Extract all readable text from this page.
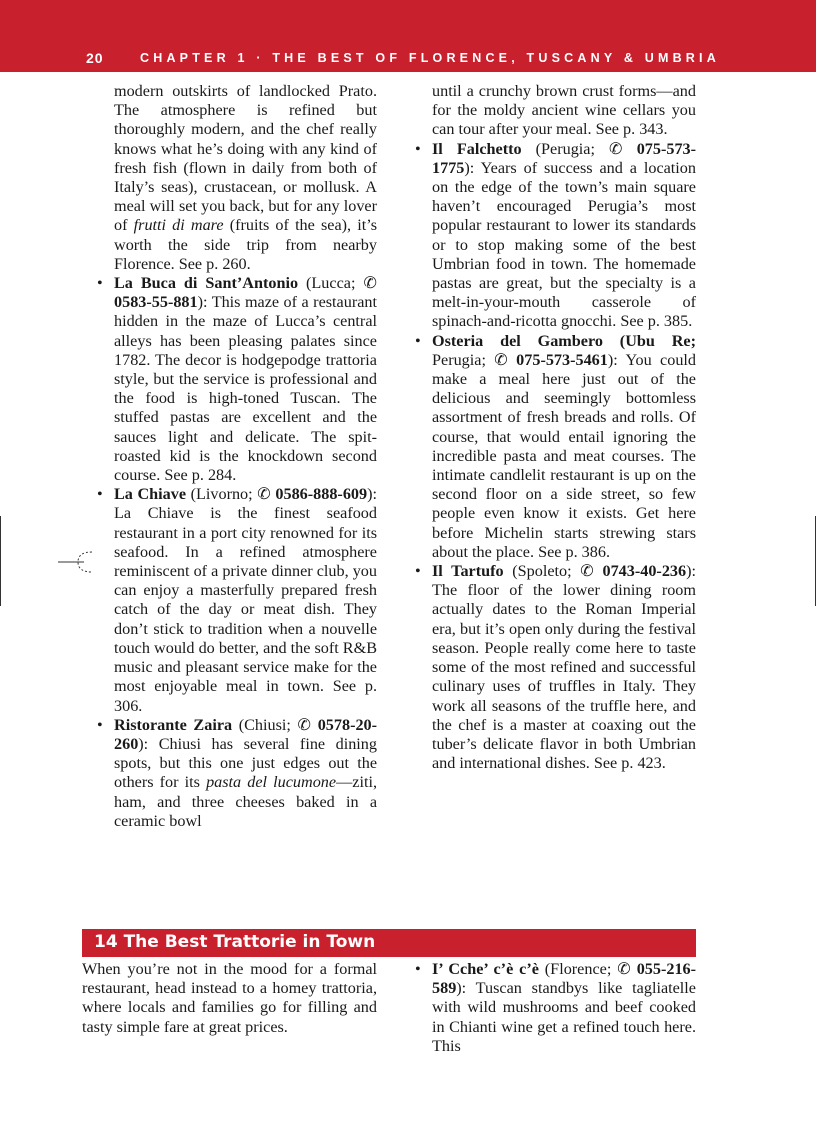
20	CHAPTER 1 · THE BEST OF FLORENCE, TUSCANY & UMBRIA

modern outskirts of landlocked Prato. The atmosphere is refined but thoroughly modern, and the chef really knows what he’s doing with any kind of fresh fish (flown in daily from both of Italy’s seas), crustacean, or mollusk. A meal will set you back, but for any lover of frutti di mare (fruits of the sea), it’s worth the side trip from nearby Florence. See p. 260.

• La Buca di Sant’Antonio (Lucca; ✆ 0583-55-881): This maze of a restaurant hidden in the maze of Lucca’s central alleys has been pleasing palates since 1782. The decor is hodgepodge trattoria style, but the service is professional and the food is high-toned Tuscan. The stuffed pastas are excellent and the sauces light and delicate. The spit-roasted kid is the knockdown second course. See p. 284.
• La Chiave (Livorno; ✆ 0586-888-609): La Chiave is the finest seafood restaurant in a port city renowned for its seafood. In a refined atmosphere reminiscent of a private dinner club, you can enjoy a masterfully prepared fresh catch of the day or meat dish. They don’t stick to tradition when a nouvelle touch would do better, and the soft R&B music and pleasant service make for the most enjoyable meal in town. See p. 306.
• Ristorante Zaira (Chiusi; ✆ 0578-20-260): Chiusi has several fine dining spots, but this one just edges out the others for its pasta del lucumone—ziti, ham, and three cheeses baked in a ceramic bowl

until a crunchy brown crust forms—and for the moldy ancient wine cellars you can tour after your meal. See p. 343.

• Il Falchetto (Perugia; ✆ 075-573-1775): Years of success and a location on the edge of the town’s main square haven’t encouraged Perugia’s most popular restaurant to lower its standards or to stop making some of the best Umbrian food in town. The homemade pastas are great, but the specialty is a melt-in-your-mouth casserole of spinach-and-ricotta gnocchi. See p. 385.
• Osteria del Gambero (Ubu Re; Perugia; ✆ 075-573-5461): You could make a meal here just out of the delicious and seemingly bottomless assortment of fresh breads and rolls. Of course, that would entail ignoring the incredible pasta and meat courses. The intimate candlelit restaurant is up on the second floor on a side street, so few people even know it exists. Get here before Michelin starts strewing stars about the place. See p. 386.
• Il Tartufo (Spoleto; ✆ 0743-40-236): The floor of the lower dining room actually dates to the Roman Imperial era, but it’s open only during the festival season. People really come here to taste some of the most refined and successful culinary uses of truffles in Italy. They work all seasons of the truffle here, and the chef is a master at coaxing out the tuber’s delicate flavor in both Umbrian and international dishes. See p. 423.
14 The Best Trattorie in Town

When you’re not in the mood for a formal restaurant, head instead to a homey trattoria, where locals and families go for filling and tasty simple fare at great prices.

• I’ Cche’ c’è c’è (Florence; ✆ 055-216-589): Tuscan standbys like tagliatelle with wild mushrooms and beef cooked in Chianti wine get a refined touch here. This
